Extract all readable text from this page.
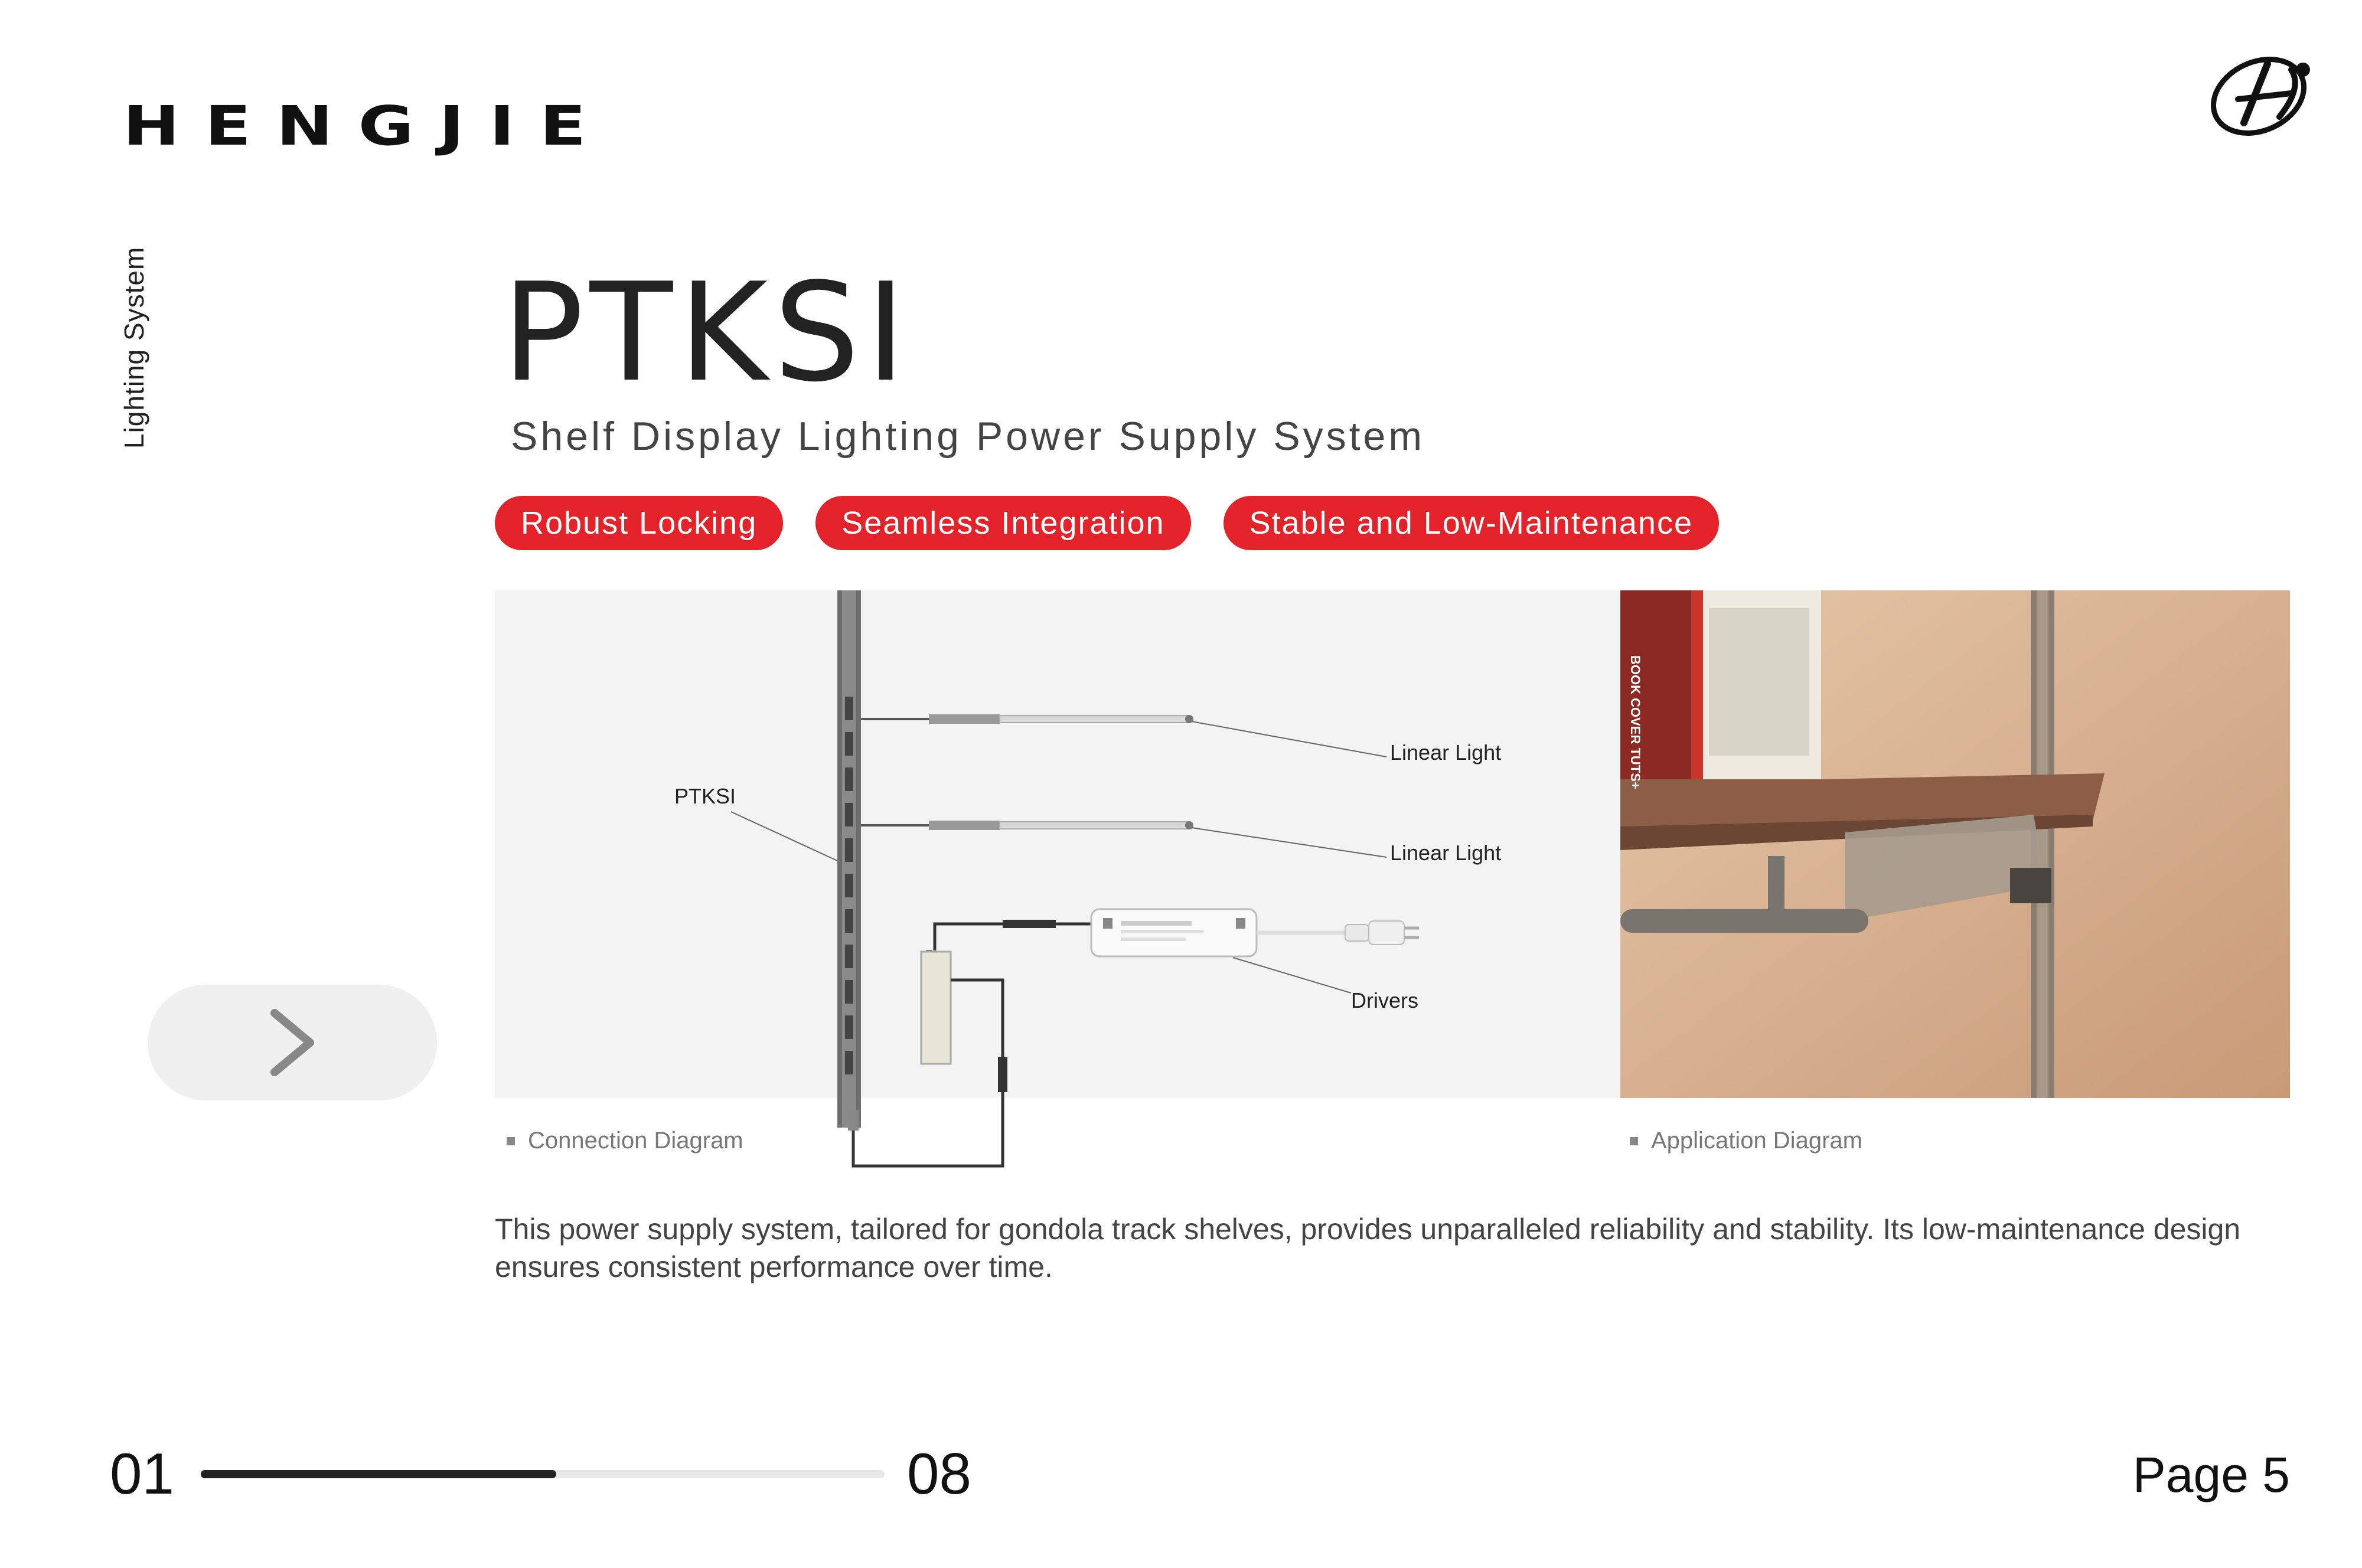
HENGJIE
Lighting System	PTKSI
Shelf Display Lighting Power Supply System
Robust Locking	Seamless Integration	Stable and Low-Maintenance
PTKSI
Linear Light
Linear Light
Drivers
BOOK COVER TUTS+
Connection Diagram	Application Diagram
This power supply system, tailored for gondola track shelves, provides unparalleled reliability and stability. Its low-maintenance design ensures consistent performance over time.
01	08	Page 5
